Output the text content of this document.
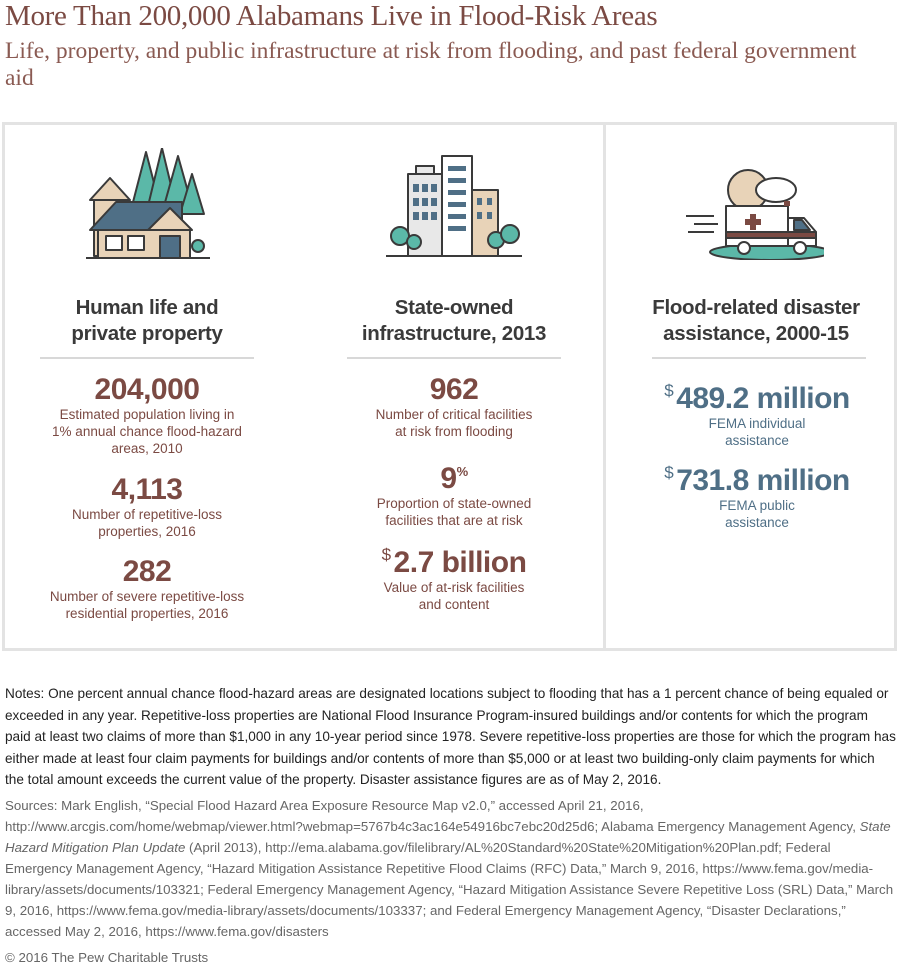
More Than 200,000 Alabamans Live in Flood-Risk Areas
Life, property, and public infrastructure at risk from flooding, and past federal government aid
Human life and
private property
204,000
Estimated population living in
1% annual chance flood-hazard
areas, 2010
4,113
Number of repetitive-loss
properties, 2016
282
Number of severe repetitive-loss
residential properties, 2016
State-owned
infrastructure, 2013
962
Number of critical facilities
at risk from flooding
9%
Proportion of state-owned
facilities that are at risk
$ 2.7 billion
Value of at-risk facilities
and content
Flood-related disaster
assistance, 2000-15
$ 489.2 million
FEMA individual
assistance
$ 731.8 million
FEMA public
assistance
Notes: One percent annual chance flood-hazard areas are designated locations subject to flooding that has a 1 percent chance of being equaled or exceeded in any year. Repetitive-loss properties are National Flood Insurance Program-insured buildings and/or contents for which the program paid at least two claims of more than $1,000 in any 10-year period since 1978. Severe repetitive-loss properties are those for which the program has either made at least four claim payments for buildings and/or contents of more than $5,000 or at least two building-only claim payments for which the total amount exceeds the current value of the property. Disaster assistance figures are as of May 2, 2016.
Sources: Mark English, “Special Flood Hazard Area Exposure Resource Map v2.0,” accessed April 21, 2016, http://www.arcgis.com/home/webmap/viewer.html?webmap=5767b4c3ac164e54916bc7ebc20d25d6; Alabama Emergency Management Agency, State Hazard Mitigation Plan Update (April 2013), http://ema.alabama.gov/filelibrary/AL%20Standard%20State%20Mitigation%20Plan.pdf; Federal Emergency Management Agency, “Hazard Mitigation Assistance Repetitive Flood Claims (RFC) Data,” March 9, 2016, https://www.fema.gov/media-library/assets/documents/103321; Federal Emergency Management Agency, “Hazard Mitigation Assistance Severe Repetitive Loss (SRL) Data,” March 9, 2016, https://www.fema.gov/media-library/assets/documents/103337; and Federal Emergency Management Agency, “Disaster Declarations,” accessed May 2, 2016, https://www.fema.gov/disasters
© 2016 The Pew Charitable Trusts
